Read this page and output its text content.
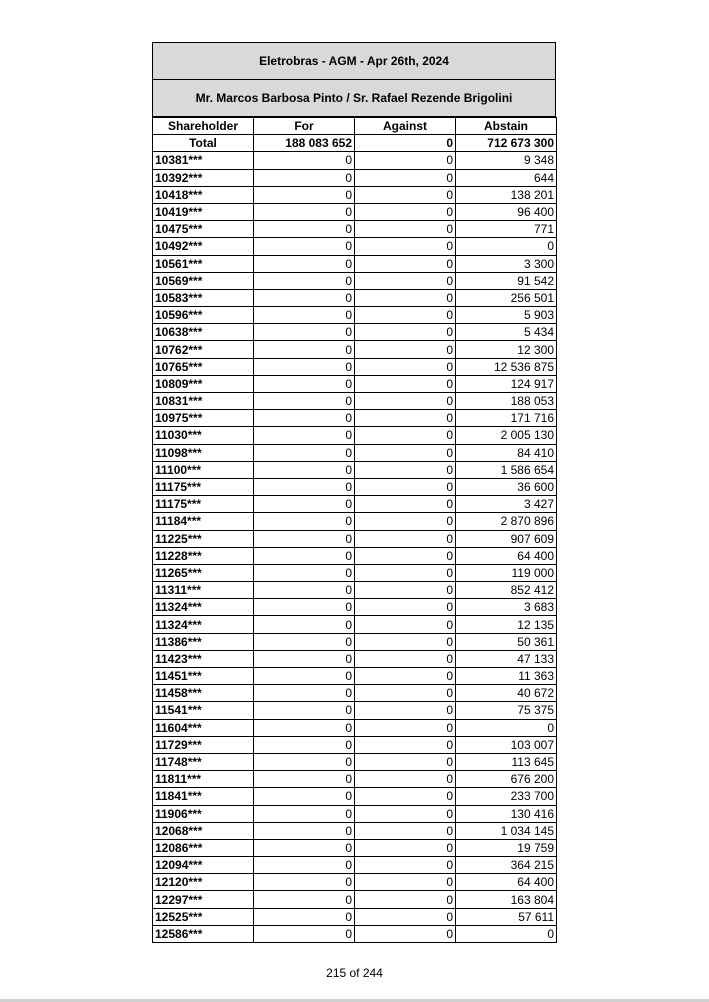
Eletrobras - AGM - Apr 26th, 2024
Mr. Marcos Barbosa Pinto / Sr. Rafael Rezende Brigolini
Shareholder	For	Against	Abstain
Total	188 083 652	0	712 673 300
10381***	0	0	9 348
10392***	0	0	644
10418***	0	0	138 201
10419***	0	0	96 400
10475***	0	0	771
10492***	0	0	0
10561***	0	0	3 300
10569***	0	0	91 542
10583***	0	0	256 501
10596***	0	0	5 903
10638***	0	0	5 434
10762***	0	0	12 300
10765***	0	0	12 536 875
10809***	0	0	124 917
10831***	0	0	188 053
10975***	0	0	171 716
11030***	0	0	2 005 130
11098***	0	0	84 410
11100***	0	0	1 586 654
11175***	0	0	36 600
11175***	0	0	3 427
11184***	0	0	2 870 896
11225***	0	0	907 609
11228***	0	0	64 400
11265***	0	0	119 000
11311***	0	0	852 412
11324***	0	0	3 683
11324***	0	0	12 135
11386***	0	0	50 361
11423***	0	0	47 133
11451***	0	0	11 363
11458***	0	0	40 672
11541***	0	0	75 375
11604***	0	0	0
11729***	0	0	103 007
11748***	0	0	113 645
11811***	0	0	676 200
11841***	0	0	233 700
11906***	0	0	130 416
12068***	0	0	1 034 145
12086***	0	0	19 759
12094***	0	0	364 215
12120***	0	0	64 400
12297***	0	0	163 804
12525***	0	0	57 611
12586***	0	0	0
215 of 244
